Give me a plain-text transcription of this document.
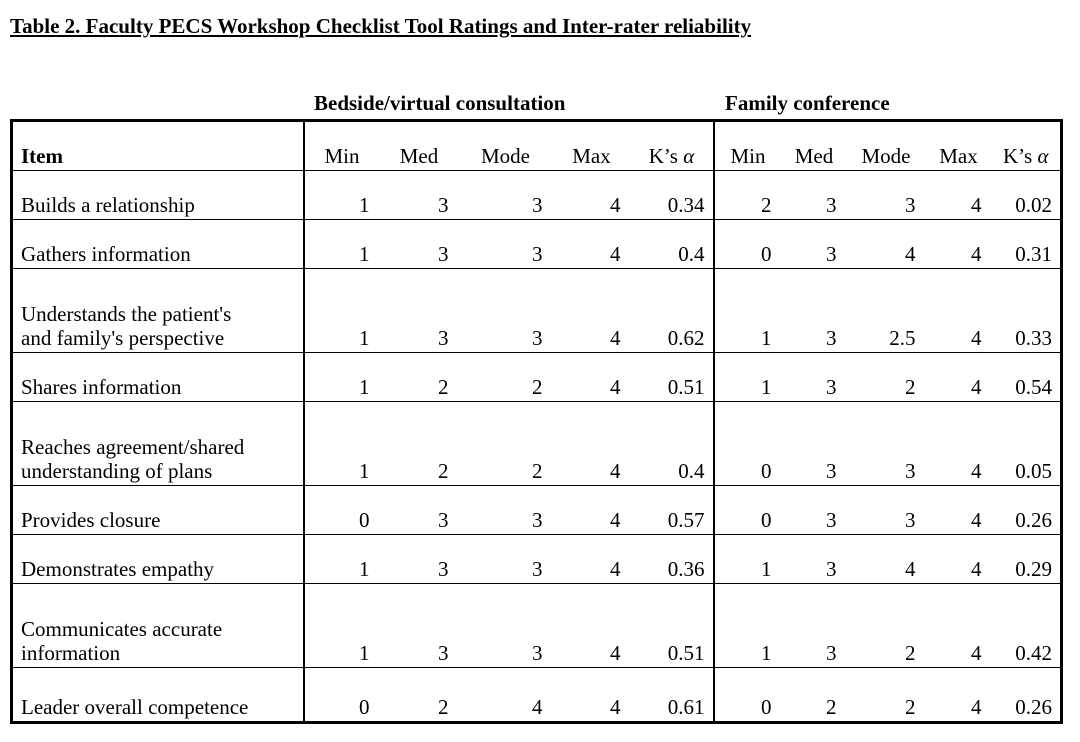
Table 2. Faculty PECS Workshop Checklist Tool Ratings and Inter-rater reliability
Bedside/virtual consultation	Family conference
Item	Min	Med	Mode	Max	K’s α	Min	Med	Mode	Max	K’s α
Builds a relationship	1	3	3	4	0.34	2	3	3	4	0.02
Gathers information	1	3	3	4	0.4	0	3	4	4	0.31
Understands the patient's
and family's perspective	1	3	3	4	0.62	1	3	2.5	4	0.33
Shares information	1	2	2	4	0.51	1	3	2	4	0.54
Reaches agreement/shared
understanding of plans	1	2	2	4	0.4	0	3	3	4	0.05
Provides closure	0	3	3	4	0.57	0	3	3	4	0.26
Demonstrates empathy	1	3	3	4	0.36	1	3	4	4	0.29
Communicates accurate
information	1	3	3	4	0.51	1	3	2	4	0.42
Leader overall competence	0	2	4	4	0.61	0	2	2	4	0.26
